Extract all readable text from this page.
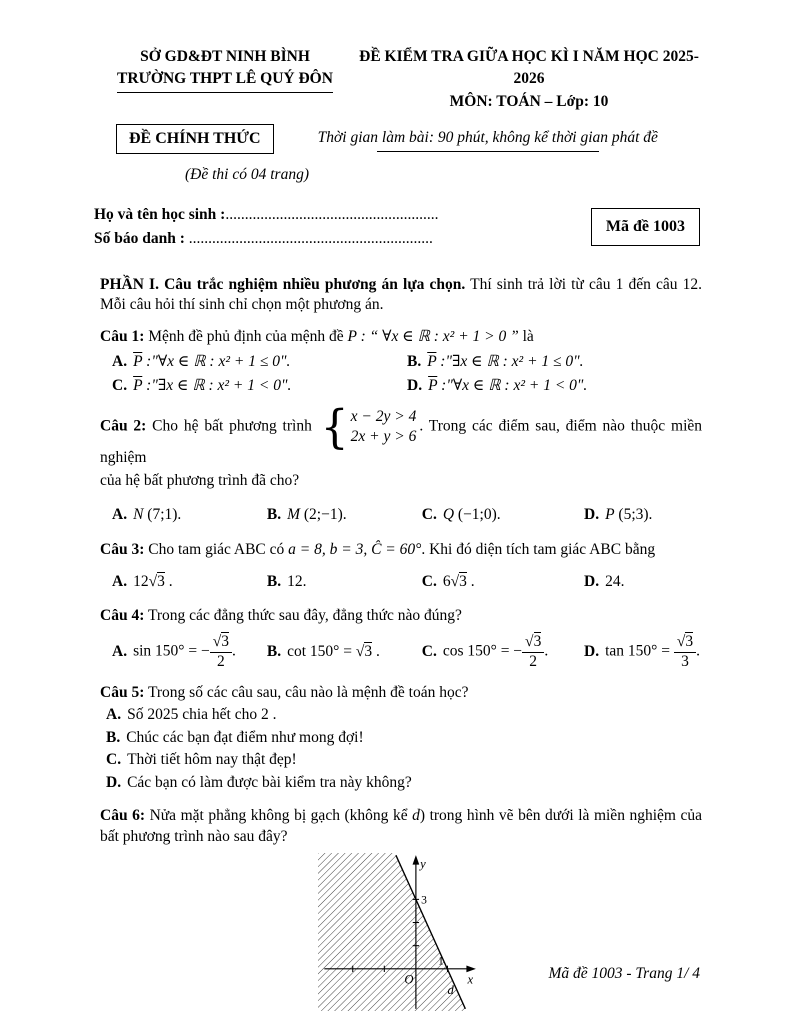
SỞ GD&ĐT NINH BÌNH
TRƯỜNG THPT LÊ QUÝ ĐÔN
ĐỀ KIỂM TRA GIỮA HỌC KÌ I NĂM HỌC 2025-2026
MÔN: TOÁN – Lớp: 10
ĐỀ CHÍNH THỨC	Thời gian làm bài: 90 phút, không kể thời gian phát đề
(Đề thi có 04 trang)
Họ và tên học sinh :.......................................................
Số báo danh : ...............................................................
Mã đề 1003

PHẦN I. Câu trắc nghiệm nhiều phương án lựa chọn. Thí sinh trả lời từ câu 1 đến câu 12. Mỗi câu hỏi thí sinh chỉ chọn một phương án.

Câu 1: Mệnh đề phủ định của mệnh đề P : “ ∀x ∈ ℝ : x² + 1 > 0 ” là
A. $\overline{P}$ :"∀x ∈ ℝ : x² + 1 ≤ 0".	B. $\overline{P}$ :"∃x ∈ ℝ : x² + 1 ≤ 0".
C. $\overline{P}$ :"∃x ∈ ℝ : x² + 1 < 0".	D. $\overline{P}$ :"∀x ∈ ℝ : x² + 1 < 0".
Câu 2: Cho hệ bất phương trình { x − 2y > 4
2x + y > 6
. Trong các điểm sau, điểm nào thuộc miền nghiệm
của hệ bất phương trình đã cho?
A. N (7;1).	B. M (2;−1).	C. Q (−1;0).	D. P (5;3).
Câu 3: Cho tam giác ABC có a = 8, b = 3, Ĉ = 60°. Khi đó diện tích tam giác ABC bằng
A. 12√3 .	B. 12.	C. 6√3 .	D. 24.
Câu 4: Trong các đẳng thức sau đây, đẳng thức nào đúng?
A. sin 150° = − $\frac{√3}{2}$ .	B. cot 150° = √3 .	C. cos 150° = − $\frac{√3}{2}$ .	D. $\tan 150^\circ = \frac{√3}{3}$ .
Câu 5: Trong số các câu sau, câu nào là mệnh đề toán học?
A. Số 2025 chia hết cho 2 .
B. Chúc các bạn đạt điểm như mong đợi!
C. Thời tiết hôm nay thật đẹp!
D. Các bạn có làm được bài kiểm tra này không?
Câu 6: Nửa mặt phẳng không bị gạch (không kể d) trong hình vẽ bên dưới là miền nghiệm của bất phương trình nào sau đây?
y
x
O
3
1
d
Mã đề 1003 - Trang 1/ 4
